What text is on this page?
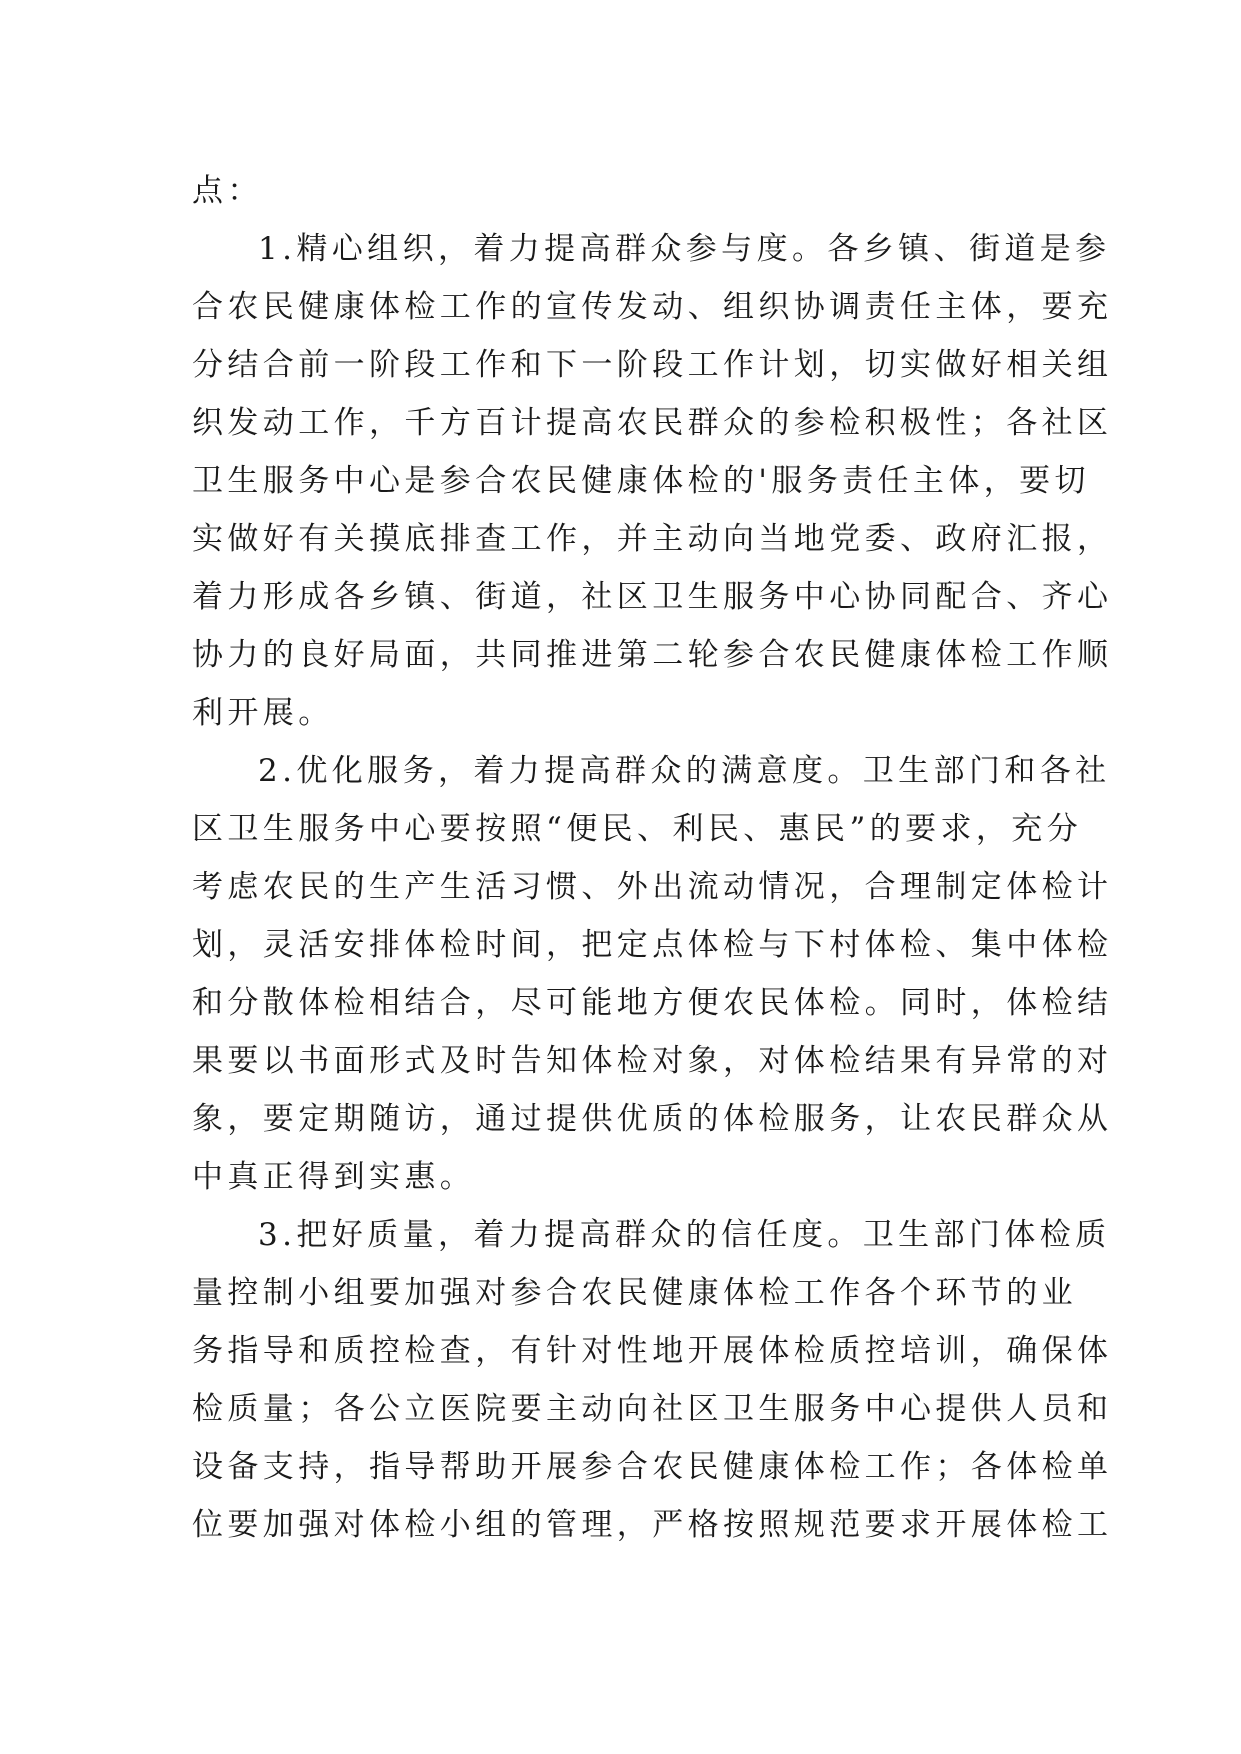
点：
1.精心组织，着力提高群众参与度。各乡镇、街道是参
合农民健康体检工作的宣传发动、组织协调责任主体，要充
分结合前一阶段工作和下一阶段工作计划，切实做好相关组
织发动工作，千方百计提高农民群众的参检积极性；各社区
卫生服务中心是参合农民健康体检的'服务责任主体，要切
实做好有关摸底排查工作，并主动向当地党委、政府汇报，
着力形成各乡镇、街道，社区卫生服务中心协同配合、齐心
协力的良好局面，共同推进第二轮参合农民健康体检工作顺
利开展。
2.优化服务，着力提高群众的满意度。卫生部门和各社
区卫生服务中心要按照“便民、利民、惠民”的要求，充分
考虑农民的生产生活习惯、外出流动情况，合理制定体检计
划，灵活安排体检时间，把定点体检与下村体检、集中体检
和分散体检相结合，尽可能地方便农民体检。同时，体检结
果要以书面形式及时告知体检对象，对体检结果有异常的对
象，要定期随访，通过提供优质的体检服务，让农民群众从
中真正得到实惠。
3.把好质量，着力提高群众的信任度。卫生部门体检质
量控制小组要加强对参合农民健康体检工作各个环节的业
务指导和质控检查，有针对性地开展体检质控培训，确保体
检质量；各公立医院要主动向社区卫生服务中心提供人员和
设备支持，指导帮助开展参合农民健康体检工作；各体检单
位要加强对体检小组的管理，严格按照规范要求开展体检工
